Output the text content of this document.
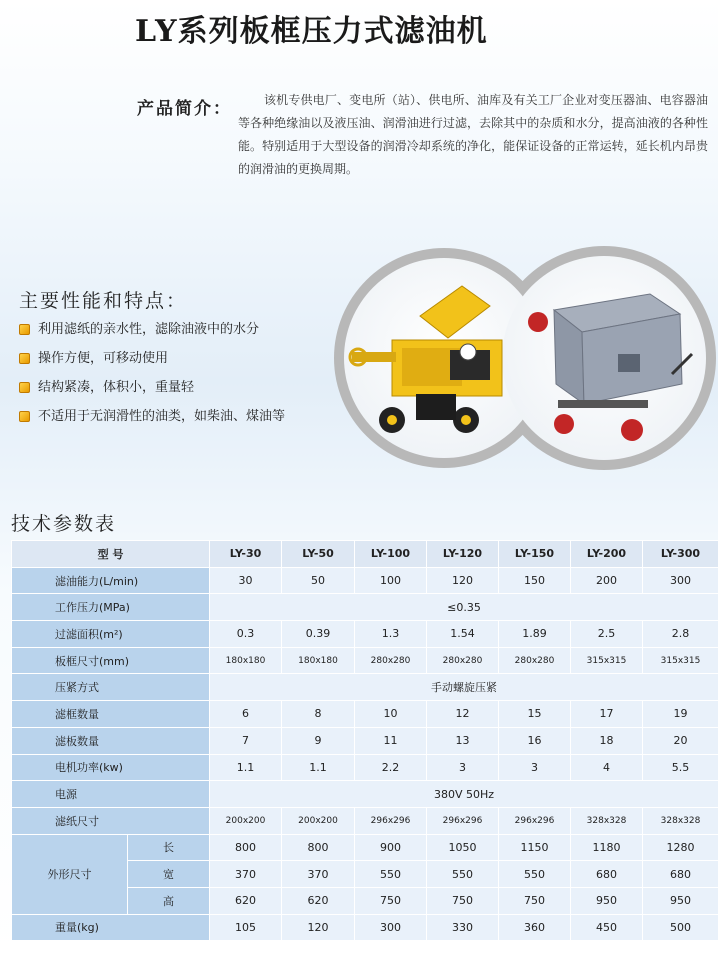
LY系列板框压力式滤油机
产品简介：	该机专供电厂、变电所（站）、供电所、油库及有关工厂企业对变压器油、电容器油等各种绝缘油以及液压油、润滑油进行过滤，去除其中的杂质和水分，提高油液的各种性能。特别适用于大型设备的润滑冷却系统的净化，能保证设备的正常运转，延长机内昂贵的润滑油的更换周期。
主要性能和特点：
利用滤纸的亲水性，滤除油液中的水分
操作方便，可移动使用
结构紧凑，体积小，重量轻
不适用于无润滑性的油类，如柴油、煤油等
技术参数表
型 号		LY-30	LY-50	LY-100	LY-120	LY-150	LY-200	LY-300
滤油能力(L/min)		30	50	100	120	150	200	300
工作压力(MPa)		≤0.35						
过滤面积(m²)		0.3	0.39	1.3	1.54	1.89	2.5	2.8
板框尺寸(mm)		180x180	180x180	280x280	280x280	280x280	315x315	315x315
压紧方式		手动螺旋压紧						
滤框数量		6	8	10	12	15	17	19
滤板数量		7	9	11	13	16	18	20
电机功率(kw)		1.1	1.1	2.2	3	3	4	5.5
电源		380V 50Hz						
滤纸尺寸		200x200	200x200	296x296	296x296	296x296	328x328	328x328
外形尺寸	长	800	800	900	1050	1150	1180	1280
	宽	370	370	550	550	550	680	680
	高	620	620	750	750	750	950	950
重量(kg)		105	120	300	330	360	450	500
